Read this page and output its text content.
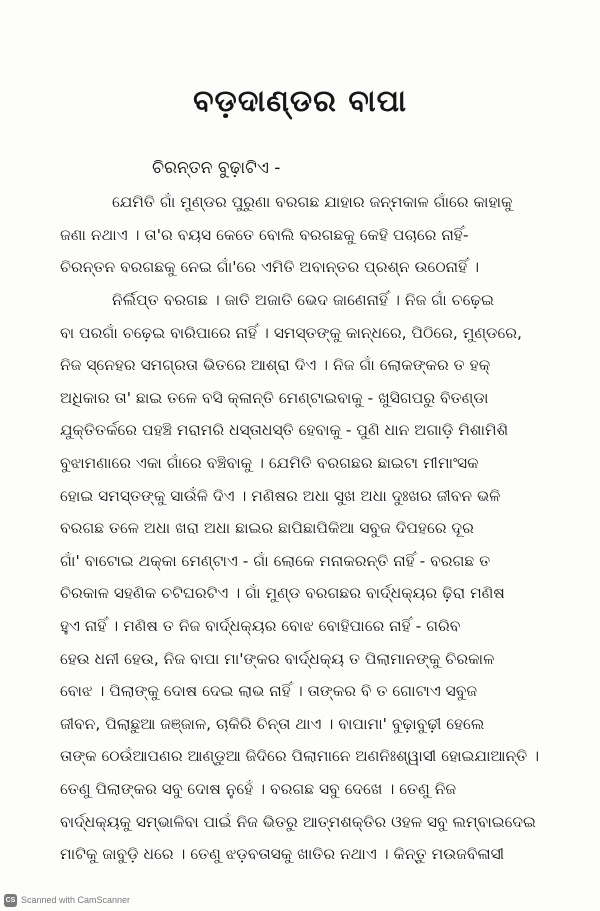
ବଡ଼ଦାଣ୍ଡର ବାପା
ଚିରନ୍ତନ ବୁଢ଼ାଟିଏ -
ଯେମିତି ଗାଁ ମୁଣ୍ଡର ପୁରୁଣା ବରଗଛ ଯାହାର ଜନ୍ମକାଳ ଗାଁରେ କାହାକୁ
ଜଣା ନଥାଏ । ତା'ର ବୟସ କେତେ ବୋଲି ବରଗଛକୁ କେହି ପଚାରେ ନାହିଁ-
ଚିରନ୍ତନ ବରଗଛକୁ ନେଇ ଗାଁ'ରେ ଏମିତି ଅବାନ୍ତର ପ୍ରଶ୍ନ ଉଠେନାହିଁ ।
ନିର୍ଲିପ୍ତ ବରଗଛ । ଜାତି ଅଜାତି ଭେଦ ଜାଣେନାହିଁ । ନିଜ ଗାଁ ଚଢ଼େଇ
ବା ପରଗାଁ ଚଢ଼େଇ ବାରିପାରେ ନାହିଁ । ସମସ୍ତଙ୍କୁ କାନ୍ଧରେ, ପିଠିରେ, ମୁଣ୍ଡରେ,
ନିଜ ସ୍ନେହର ସମଗ୍ରତା ଭିତରେ ଆଶ୍ରା ଦିଏ । ନିଜ ଗାଁ ଲୋକଙ୍କର ତ ହକ୍
ଅଧିକାର ତା' ଛାଇ ତଳେ ବସି କ୍ଳାନ୍ତି ମେଣ୍ଟାଇବାକୁ - ଖୁସିଗପରୁ ବିତଣ୍ଡା
ଯୁକ୍ତିତର୍କରେ ପହଞ୍ଚି ମରାମରି ଧସ୍ତାଧସ୍ତି ହେବାକୁ - ପୁଣି ଧାନ ଅଗାଡ଼ି ମିଶାମିଶି
ବୁଝାମଣାରେ ଏକା ଗାଁରେ ବଞ୍ଚିବାକୁ । ଯେମିତି ବରଗଛର ଛାଇଟା ମୀମାଂସକ
ହୋଇ ସମସ୍ତଙ୍କୁ ସାଉଁଳି ଦିଏ । ମଣିଷର ଅଧା ସୁଖ ଅଧା ଦୁଃଖର ଜୀବନ ଭଳି
ବରଗଛ ତଳେ ଅଧା ଖରା ଅଧା ଛାଇର ଛାପିଛାପିକିଆ ସବୁଜ ଦିପହରେ ଦୂର
ଗାଁ' ବାଟୋଇ ଥକ୍କା ମେଣ୍ଟାଏ - ଗାଁ ଲୋକେ ମନାକରନ୍ତି ନାହିଁ - ବରଗଛ ତ
ଚିରକାଳ ସହଣିକ ଚଟିଘରଟିଏ । ଗାଁ ମୁଣ୍ଡ ବରଗଛର ବାର୍ଦ୍ଧକ୍ୟର ଢ଼ିରା ମଣିଷ
ହୁଏ ନାହିଁ । ମଣିଷ ତ ନିଜ ବାର୍ଦ୍ଧକ୍ୟର ବୋଝ ବୋହିପାରେ ନାହିଁ - ଗରିବ
ହେଉ ଧନୀ ହେଉ, ନିଜ ବାପା ମା'ଙ୍କର ବାର୍ଦ୍ଧକ୍ୟ ତ ପିଲାମାନଙ୍କୁ ଚିରକାଳ
ବୋଝ । ପିଲାଙ୍କୁ ଦୋଷ ଦେଇ ଲାଭ ନାହିଁ । ତାଙ୍କର ବି ତ ଗୋଟାଏ ସବୁଜ
ଜୀବନ, ପିଲାଛୁଆ ଜଞ୍ଜାଳ, ଚାକିରି ଚିନ୍ତା ଥାଏ । ବାପାମା' ବୁଢ଼ାବୁଢ଼ୀ ହେଲେ
ତାଙ୍କ ଠେଉଁଆପଣର ଆଣ୍ଡୁଆ ଜିଦିରେ ପିଲାମାନେ ଅଣନିଃଶ୍ୱାସୀ ହୋଇଯାଆନ୍ତି ।
ତେଣୁ ପିଲାଙ୍କର ସବୁ ଦୋଷ ନୁହେଁ । ବରଗଛ ସବୁ ଦେଖେ । ତେଣୁ ନିଜ
ବାର୍ଦ୍ଧକ୍ୟକୁ ସମ୍ଭାଳିବା ପାଇଁ ନିଜ ଭିତରୁ ଆତ୍ମଶକ୍ତିର ଓହଳ ସବୁ ଲମ୍ବାଇଦେଇ
ମାଟିକୁ ଜାବୁଡ଼ି ଧରେ । ତେଣୁ ଝଡ଼ବତାସକୁ ଖାତିର ନଥାଏ । କିନ୍ତୁ ମଉଜବିଳାସୀ
CS Scanned with CamScanner
